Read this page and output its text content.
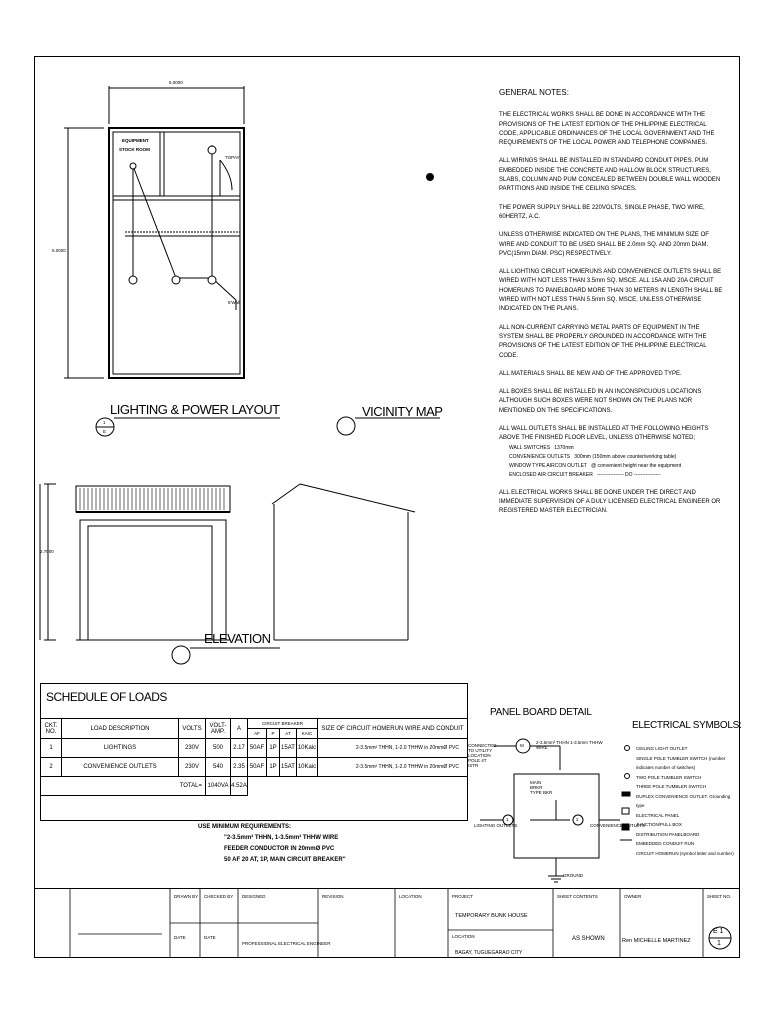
5.0000
5.0000
EQUIPMENT
STOCK ROOM
TOPAY
5'Wall
LIGHTING & POWER LAYOUT
1
E
VICINITY MAP
ELEVATION
2.7000
GENERAL NOTES:
THE ELECTRICAL WORKS SHALL BE DONE IN ACCORDANCE WITH THE PROVISIONS OF THE LATEST EDITION OF THE PHILIPPINE ELECTRICAL CODE, APPLICABLE ORDINANCES OF THE LOCAL GOVERNMENT AND THE REQUIREMENTS OF THE LOCAL POWER AND TELEPHONE COMPANIES.
ALL WIRINGS SHALL BE INSTALLED IN STANDARD CONDUIT PIPES. PUM EMBEDDED INSIDE THE CONCRETE AND HALLOW BLOCK STRUCTURES, SLABS, COLUMN AND PUM CONCEALED BETWEEN DOUBLE WALL WOODEN PARTITIONS AND INSIDE THE CEILING SPACES.
THE POWER SUPPLY SHALL BE 220VOLTS, SINGLE PHASE, TWO WIRE, 60HERTZ, A.C.
UNLESS OTHERWISE INDICATED ON THE PLANS, THE MINIMUM SIZE OF WIRE AND CONDUIT TO BE USED SHALL BE 2.0mm SQ. AND 20mm DIAM. PVC(15mm DIAM. PSC) RESPECTIVELY.
ALL LIGHTING CIRCUIT HOMERUNS AND CONVENIENCE OUTLETS SHALL BE WIRED WITH NOT LESS THAN 3.5mm SQ. MSCE. ALL 15A AND 20A CIRCUIT HOMERUNS TO PANELBOARD MORE THAN 30 METERS IN LENGTH SHALL BE WIRED WITH NOT LESS THAN 5.5mm SQ. MSCE, UNLESS OTHERWISE INDICATED ON THE PLANS.
ALL NON-CURRENT CARRYING METAL PARTS OF EQUIPMENT IN THE SYSTEM SHALL BE PROPERLY GROUNDED IN ACCORDANCE WITH THE PROVISIONS OF THE LATEST EDITION OF THE PHILIPPINE ELECTRICAL CODE.
ALL MATERIALS SHALL BE NEW AND OF THE APPROVED TYPE.
ALL BOXES SHALL BE INSTALLED IN AN INCONSPICUOUS LOCATIONS ALTHOUGH SUCH BOXES WERE NOT SHOWN ON THE PLANS NOR MENTIONED ON THE SPECIFICATIONS.
ALL WALL OUTLETS SHALL BE INSTALLED AT THE FOLLOWING HEIGHTS ABOVE THE FINISHED FLOOR LEVEL, UNLESS OTHERWISE NOTED;
WALL SWITCHES 1370mm
CONVENIENCE OUTLETS 300mm (150mm above counter/working table)
WINDOW TYPE AIRCON OUTLET @ convenient height near the equipment
ENCLOSED AIR CIRCUIT BREAKER ---------------- DO ----------------
ALL ELECTRICAL WORKS SHALL BE DONE UNDER THE DIRECT AND IMMEDIATE SUPERVISION OF A DULY LICENSED ELECTRICAL ENGINEER OR REGISTERED MASTER ELECTRICIAN.
SCHEDULE OF LOADS
CKT. NO.	LOAD DESCRIPTION	VOLTS	VOLT-AMP.	A	CIRCUIT BREAKER				SIZE OF CIRCUIT HOMERUN WIRE AND CONDUIT
					AF	P	AT	KAIC	
1	LIGHTINGS	230V	500	2.17	50AF	1P	15AT	10Kaic	2-3.5mm² THHN, 1-2.0 THHW in 20mmØ PVC
2	CONVENIENCE OUTLETS	230V	540	2.35	50AF	1P	15AT	10Kaic	2-3.5mm² THHN, 1-2.0 THHW in 20mmØ PVC
TOTAL=			1040VA	4.52A					
USE MINIMUM REQUIREMENTS:
"2-3.5mm² THHN, 1-3.5mm² THHW WIRE
FEEDER CONDUCTOR IN 20mmØ PVC
50 AF 20 AT, 1P, MAIN CIRCUIT BREAKER"
PANEL BOARD DETAIL
CONNECTED TO UTILITY LOCATION POLE 4T ISTR
M
2-3.5mm² THHN 1-3.5mm THHW WIRE
MAIN BRKR TYPE BKR
LIGHTING OUTLETS	CONVENIENCE OUTLETS
1	2
GROUND
ELECTRICAL SYMBOLS:
CEILING LIGHT OUTLET
SINGLE POLE TUMBLER SWITCH (number indicates number of switches)
TWO POLE TUMBLER SWITCH
THREE POLE TUMBLER SWITCH
DUPLEX CONVENIENCE OUTLET. Grounding type
ELECTRICAL PANEL
JUNCTION/PULL BOX
DISTRIBUTION PANELBOARD
EMBEDDED CONDUIT RUN
CIRCUIT HOMERUN (symbol letter and number)
DRAWN BY CHECKED BY DESIGNED	REVISION	LOCATION	PROJECT	SHEET CONTENTS	OWNER	SHEET NO.
DATE	DATE
PROFESSIONAL ELECTRICAL ENGINEER
TEMPORARY BUNK HOUSE
LOCATION
BAGAY, TUGUEGARAO CITY
AS SHOWN	Ren MICHELLE MARTINEZ
E 1
1
